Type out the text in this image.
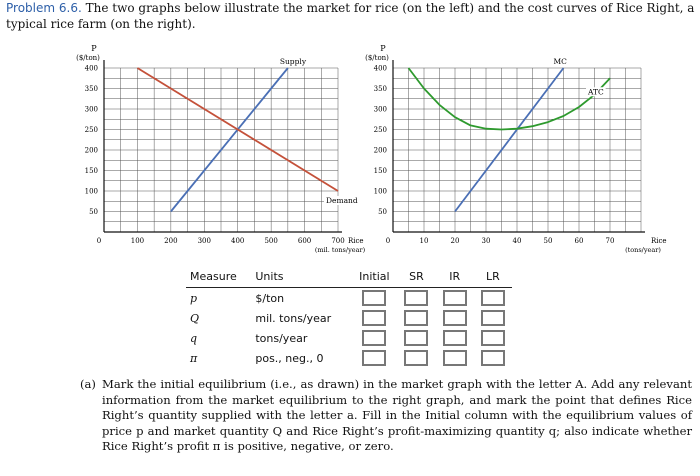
Problem 6.6. The two graphs below illustrate the market for rice (on the left) and the cost curves of Rice Right, a typical rice farm (on the right).
P
($/ton)
50
100
150
200
250
300
350
400
0	100	200	300	400	500	600	700 Rice
(mil. tons/year)
Supply
Demand
P
($/ton)
50
100
150
200
250
300
350
400
0	10	20	30	40	50	60	70	Rice
(tons/year)
MC
ATC
Measure	Units	Initial	SR	IR	LR
p	$/ton				
Q	mil. tons/year				
q	tons/year				
π	pos., neg., 0				
(a) Mark the initial equilibrium (i.e., as drawn) in the market graph with the letter A. Add any relevant information from the market equilibrium to the right graph, and mark the point that defines Rice Right’s quantity supplied with the letter a. Fill in the Initial column with the equilibrium values of price p and market quantity Q and Rice Right’s profit-maximizing quantity q; also indicate whether Rice Right’s profit π is positive, negative, or zero.
